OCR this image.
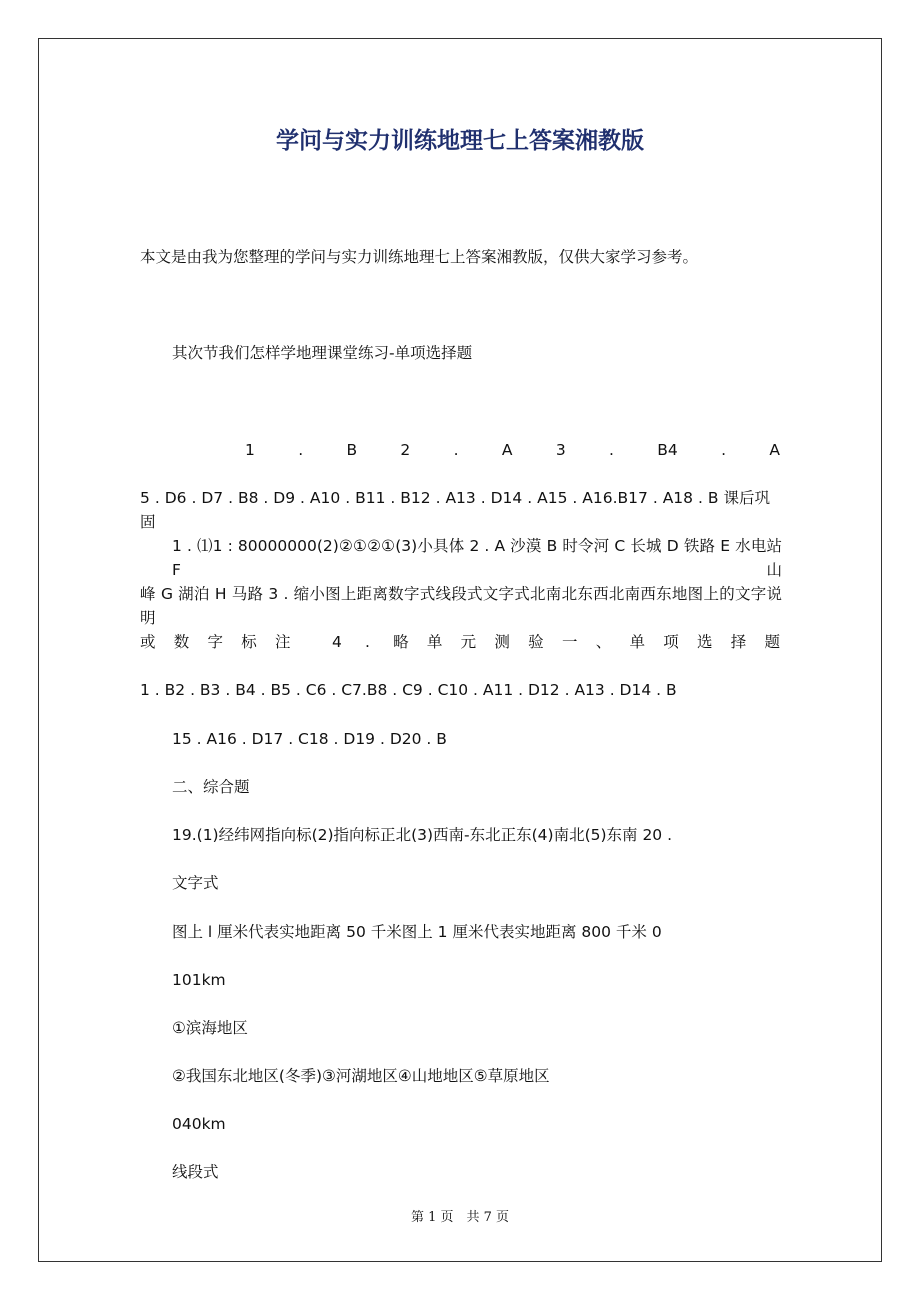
学问与实力训练地理七上答案湘教版
本文是由我为您整理的学问与实力训练地理七上答案湘教版，仅供大家学习参考。
其次节我们怎样学地理课堂练习-单项选择题
1 . B 2 . A 3 . B4 . A
5 . D6 . D7 . B8 . D9 . A10 . B11 . B12 . A13 . D14 . A15 . A16.B17 . A18 . B 课后巩固
1 . ⑴1 : 80000000(2)②①②①(3)小具体 2 . A 沙漠 B 时令河 C 长城 D 铁路 E 水电站 F 山
峰 G 湖泊 H 马路 3 . 缩小图上距离数字式线段式文字式北南北东西北南西东地图上的文字说明
或数字标注 4 . 略单元测验一、单项选择题
1 . B2 . B3 . B4 . B5 . C6 . C7.B8 . C9 . C10 . A11 . D12 . A13 . D14 . B
15 . A16 . D17 . C18 . D19 . D20 . B
二、综合题
19.(1)经纬网指向标(2)指向标正北(3)西南-东北正东(4)南北(5)东南 20 .
文字式
图上 l 厘米代表实地距离 50 千米图上 1 厘米代表实地距离 800 千米 0
101km
①滨海地区
②我国东北地区(冬季)③河湖地区④山地地区⑤草原地区
040km
线段式
第 1 页　共 7 页
